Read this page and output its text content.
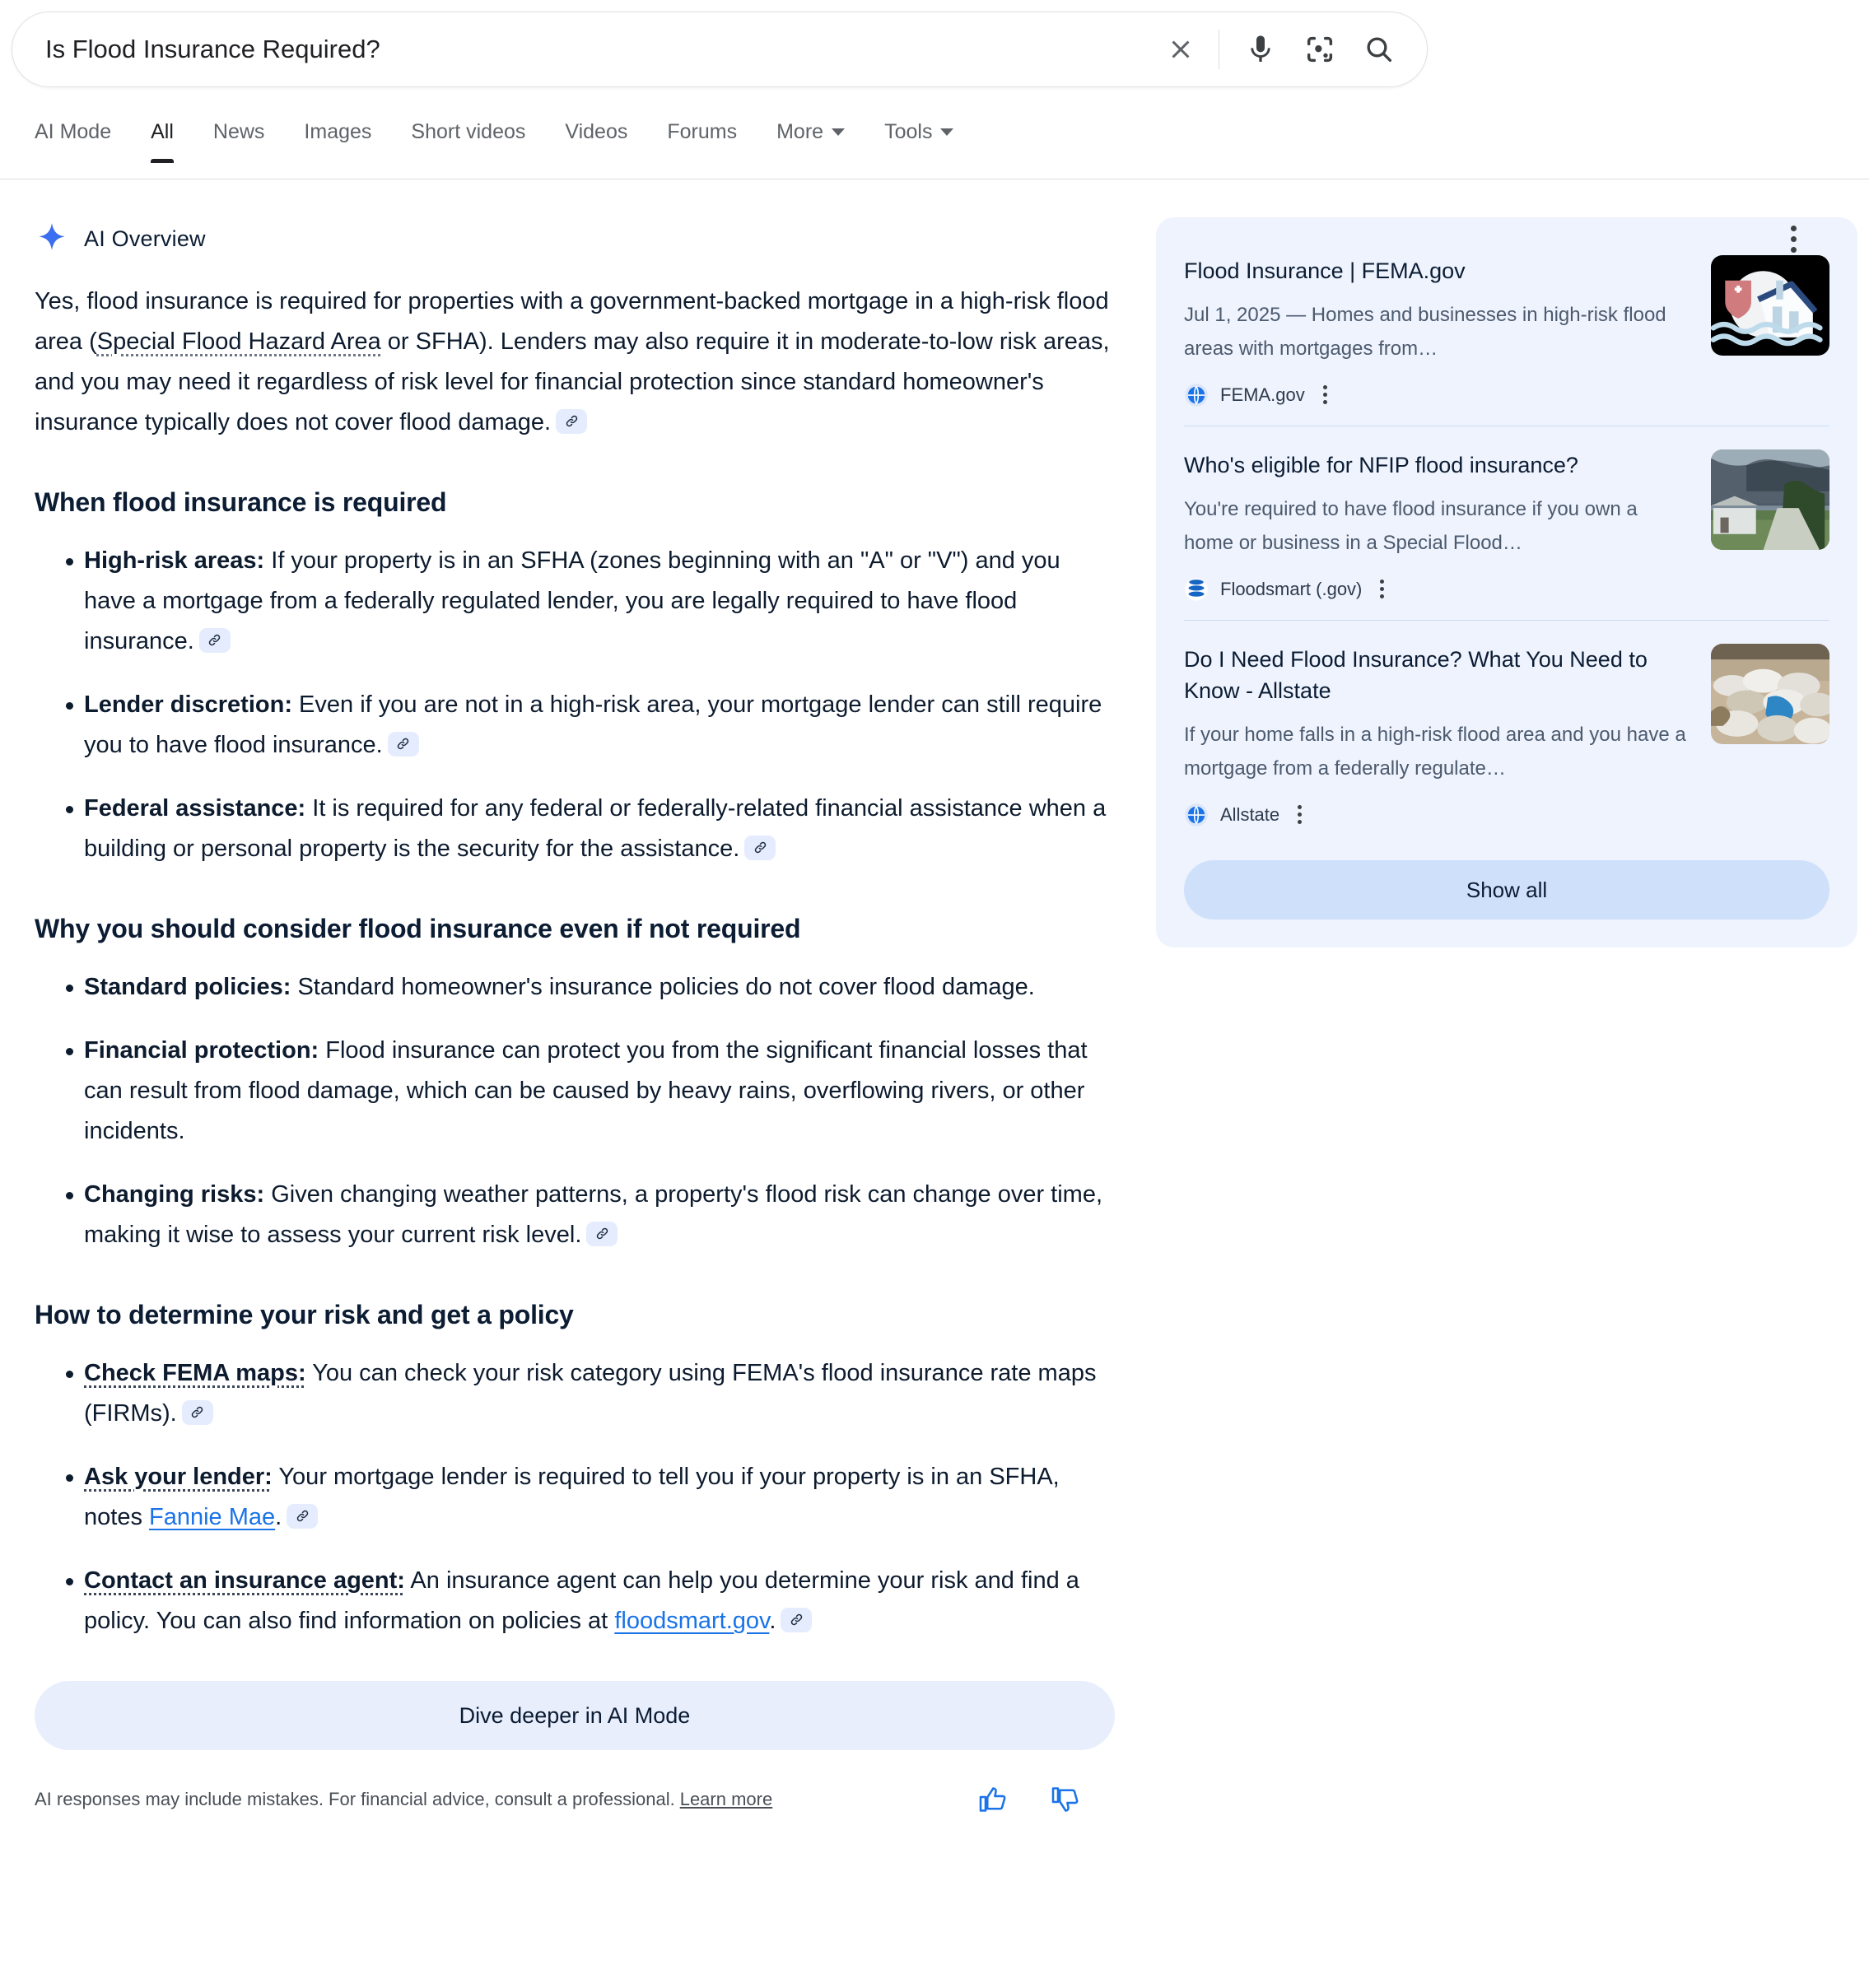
Is Flood Insurance Required?
AI Mode All News Images Short videos Videos Forums More	Tools
AI Overview

Yes, flood insurance is required for properties with a government-backed mortgage in a high-risk flood area (Special Flood Hazard Area or SFHA). Lenders may also require it in moderate-to-low risk areas, and you may need it regardless of risk level for financial protection since standard homeowner's insurance typically does not cover flood damage.

When flood insurance is required
High-risk areas: If your property is in an SFHA (zones beginning with an "A" or "V") and you have a mortgage from a federally regulated lender, you are legally required to have flood insurance.
Lender discretion: Even if you are not in a high-risk area, your mortgage lender can still require you to have flood insurance.
Federal assistance: It is required for any federal or federally-related financial assistance when a building or personal property is the security for the assistance.
Why you should consider flood insurance even if not required
Standard policies: Standard homeowner's insurance policies do not cover flood damage.
Financial protection: Flood insurance can protect you from the significant financial losses that can result from flood damage, which can be caused by heavy rains, overflowing rivers, or other incidents.
Changing risks: Given changing weather patterns, a property's flood risk can change over time, making it wise to assess your current risk level.
How to determine your risk and get a policy
Check FEMA maps: You can check your risk category using FEMA's flood insurance rate maps (FIRMs).
Ask your lender: Your mortgage lender is required to tell you if your property is in an SFHA, notes Fannie Mae.
Contact an insurance agent: An insurance agent can help you determine your risk and find a policy. You can also find information on policies at floodsmart.gov.
Dive deeper in AI Mode
AI responses may include mistakes. For financial advice, consult a professional. Learn more
Flood Insurance | FEMA.gov
Jul 1, 2025 — Homes and businesses in high-risk flood areas with mortgages from…
FEMA.gov
Who's eligible for NFIP flood insurance?
You're required to have flood insurance if you own a home or business in a Special Flood…
Floodsmart (.gov)
Do I Need Flood Insurance? What You Need to Know - Allstate
If your home falls in a high-risk flood area and you have a mortgage from a federally regulate…
Allstate
Show all
